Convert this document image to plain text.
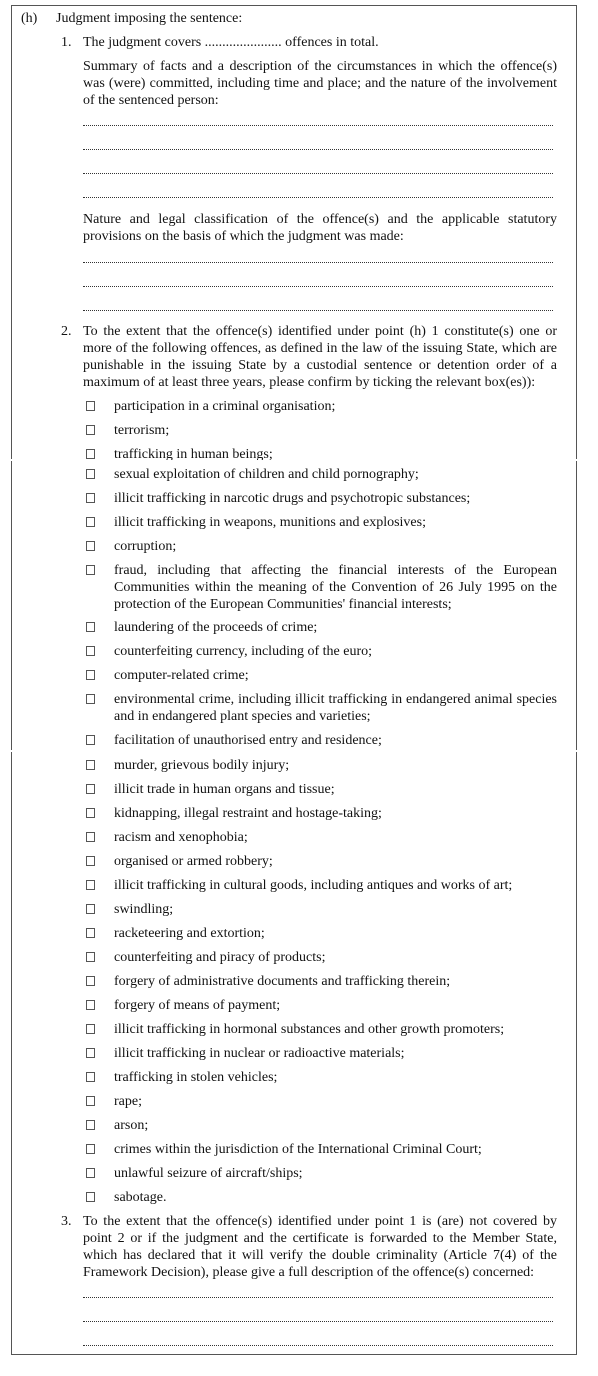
(h) Judgment imposing the sentence:
1. The judgment covers ...................... offences in total.
Summary of facts and a description of the circumstances in which the offence(s) was (were) committed, including time and place; and the nature of the involvement of the sentenced person:
Nature and legal classification of the offence(s) and the applicable statutory provisions on the basis of which the judgment was made:
2. To the extent that the offence(s) identified under point (h) 1 constitute(s) one or more of the following offences, as defined in the law of the issuing State, which are punishable in the issuing State by a custodial sentence or detention order of a maximum of at least three years, please confirm by ticking the relevant box(es)):
participation in a criminal organisation;
terrorism;
trafficking in human beings;
sexual exploitation of children and child pornography;
illicit trafficking in narcotic drugs and psychotropic substances;
illicit trafficking in weapons, munitions and explosives;
corruption;
fraud, including that affecting the financial interests of the European Communities within the meaning of the Convention of 26 July 1995 on the protection of the European Communities' financial interests;
laundering of the proceeds of crime;
counterfeiting currency, including of the euro;
computer-related crime;
environmental crime, including illicit trafficking in endangered animal species and in endangered plant species and varieties;
facilitation of unauthorised entry and residence;
murder, grievous bodily injury;
illicit trade in human organs and tissue;
kidnapping, illegal restraint and hostage-taking;
racism and xenophobia;
organised or armed robbery;
illicit trafficking in cultural goods, including antiques and works of art;
swindling;
racketeering and extortion;
counterfeiting and piracy of products;
forgery of administrative documents and trafficking therein;
forgery of means of payment;
illicit trafficking in hormonal substances and other growth promoters;
illicit trafficking in nuclear or radioactive materials;
trafficking in stolen vehicles;
rape;
arson;
crimes within the jurisdiction of the International Criminal Court;
unlawful seizure of aircraft/ships;
sabotage.
3. To the extent that the offence(s) identified under point 1 is (are) not covered by point 2 or if the judgment and the certificate is forwarded to the Member State, which has declared that it will verify the double criminality (Article 7(4) of the Framework Decision), please give a full description of the offence(s) concerned:
